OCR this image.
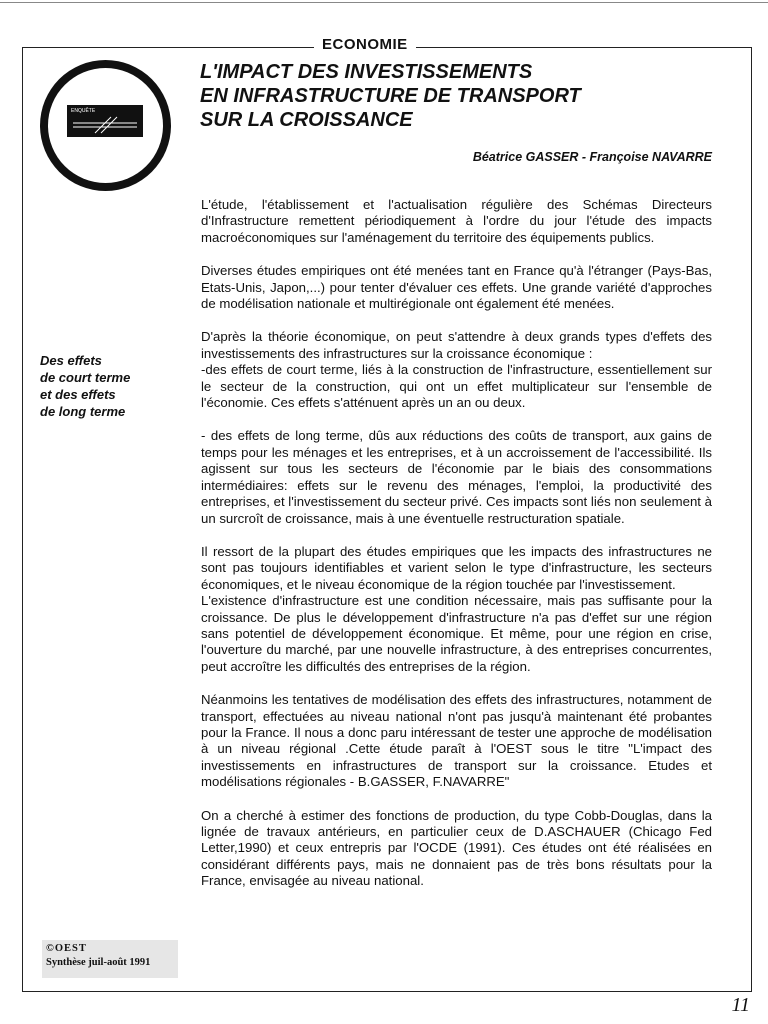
ECONOMIE
ENQUÊTE
L'IMPACT DES INVESTISSEMENTS
EN INFRASTRUCTURE DE TRANSPORT
SUR LA CROISSANCE
Béatrice GASSER - Françoise NAVARRE
Des effets
de court terme
et des effets
de long terme

L'étude, l'établissement et l'actualisation régulière des Schémas Directeurs d'Infrastructure remettent périodiquement à l'ordre du jour l'étude des impacts macroéconomiques sur l'aménagement du territoire des équipements publics.

Diverses études empiriques ont été menées tant en France qu'à l'étranger (Pays-Bas, Etats-Unis, Japon,...) pour tenter d'évaluer ces effets. Une grande variété d'approches de modélisation nationale et multirégionale ont également été menées.

D'après la théorie économique, on peut s'attendre à deux grands types d'effets des investissements des infrastructures sur la croissance économique :
-des effets de court terme, liés à la construction de l'infrastructure, essentiellement sur le secteur de la construction, qui ont un effet multiplicateur sur l'ensemble de l'économie. Ces effets s'atténuent après un an ou deux.

- des effets de long terme, dûs aux réductions des coûts de transport, aux gains de temps pour les ménages et les entreprises, et à un accroissement de l'accessibilité. Ils agissent sur tous les secteurs de l'économie par le biais des consommations intermédiaires: effets sur le revenu des ménages, l'emploi, la productivité des entreprises, et l'investissement du secteur privé. Ces impacts sont liés non seulement à un surcroît de croissance, mais à une éventuelle restructuration spatiale.

Il ressort de la plupart des études empiriques que les impacts des infrastructures ne sont pas toujours identifiables et varient selon le type d'infrastructure, les secteurs économiques, et le niveau économique de la région touchée par l'investissement.
L'existence d'infrastructure est une condition nécessaire, mais pas suffisante pour la croissance. De plus le développement d'infrastructure n'a pas d'effet sur une région sans potentiel de développement économique. Et même, pour une région en crise, l'ouverture du marché, par une nouvelle infrastructure, à des entreprises concurrentes, peut accroître les difficultés des entreprises de la région.

Néanmoins les tentatives de modélisation des effets des infrastructures, notamment de transport, effectuées au niveau national n'ont pas jusqu'à maintenant été probantes pour la France. Il nous a donc paru intéressant de tester une approche de modélisation à un niveau régional .Cette étude paraît à l'OEST sous le titre "L'impact des investissements en infrastructures de transport sur la croissance. Etudes et modélisations régionales - B.GASSER, F.NAVARRE"

On a cherché à estimer des fonctions de production, du type Cobb-Douglas, dans la lignée de travaux antérieurs, en particulier ceux de D.ASCHAUER (Chicago Fed Letter,1990) et ceux entrepris par l'OCDE (1991). Ces études ont été réalisées en considérant différents pays, mais ne donnaient pas de très bons résultats pour la France, envisagée au niveau national.

©OEST
Synthèse juil-août 1991
11
